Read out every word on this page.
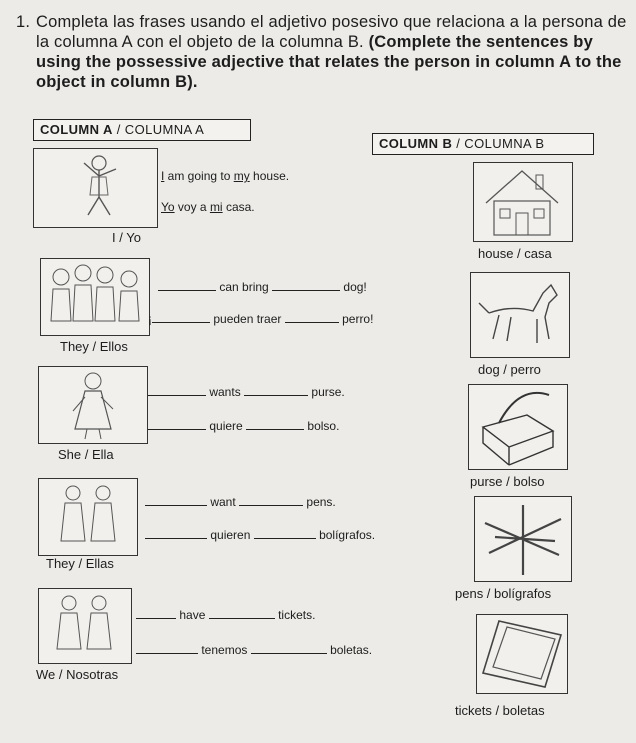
1. Completa las frases usando el adjetivo posesivo que relaciona a la persona de la columna A con el objeto de la columna B. (Complete the sentences by using the possessive adjective that relates the person in column A to the object in column B).
COLUMN A / COLUMNA A
COLUMN B / COLUMNA B
I / Yo
I am going to my house.
Yo voy a mi casa.
house / casa
They / Ellos
can bring	dog!
¡	pueden traer	perro!
dog / perro
She / Ella
wants	purse.
quiere	bolso.
purse / bolso
They / Ellas
want	pens.
quieren	bolígrafos.
pens / bolígrafos
We / Nosotras
have	tickets.
tenemos	boletas.
tickets / boletas
